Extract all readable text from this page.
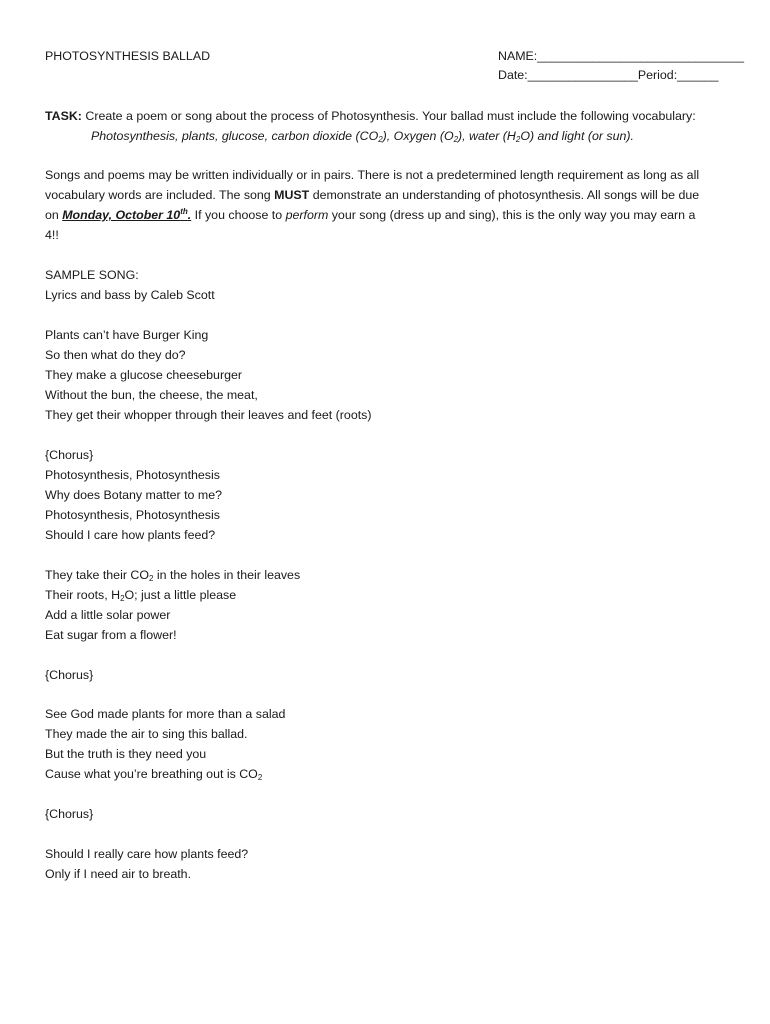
PHOTOSYNTHESIS BALLAD	NAME:______________________________
Date:________________Period:______
TASK: Create a poem or song about the process of Photosynthesis. Your ballad must include the following vocabulary:
Photosynthesis, plants, glucose, carbon dioxide $(CO_2)$, Oxygen $(O_2)$, water $(H_2O)$ and light (or sun).
Songs and poems may be written individually or in pairs. There is not a predetermined length requirement as long as all
vocabulary words are included. The song MUST demonstrate an understanding of photosynthesis. All songs will be due
on Monday, October 10th. If you choose to perform your song (dress up and sing), this is the only way you may earn a
4!!
SAMPLE SONG:
Lyrics and bass by Caleb Scott
Plants can’t have Burger King
So then what do they do?
They make a glucose cheeseburger
Without the bun, the cheese, the meat,
They get their whopper through their leaves and feet (roots)
{Chorus}
Photosynthesis, Photosynthesis
Why does Botany matter to me?
Photosynthesis, Photosynthesis
Should I care how plants feed?
They take their $CO_2$ in the holes in their leaves
Their roots, $H_2O$; just a little please
Add a little solar power
Eat sugar from a flower!
{Chorus}
See God made plants for more than a salad
They made the air to sing this ballad.
But the truth is they need you
Cause what you’re breathing out is $CO_2$
{Chorus}
Should I really care how plants feed?
Only if I need air to breath.
